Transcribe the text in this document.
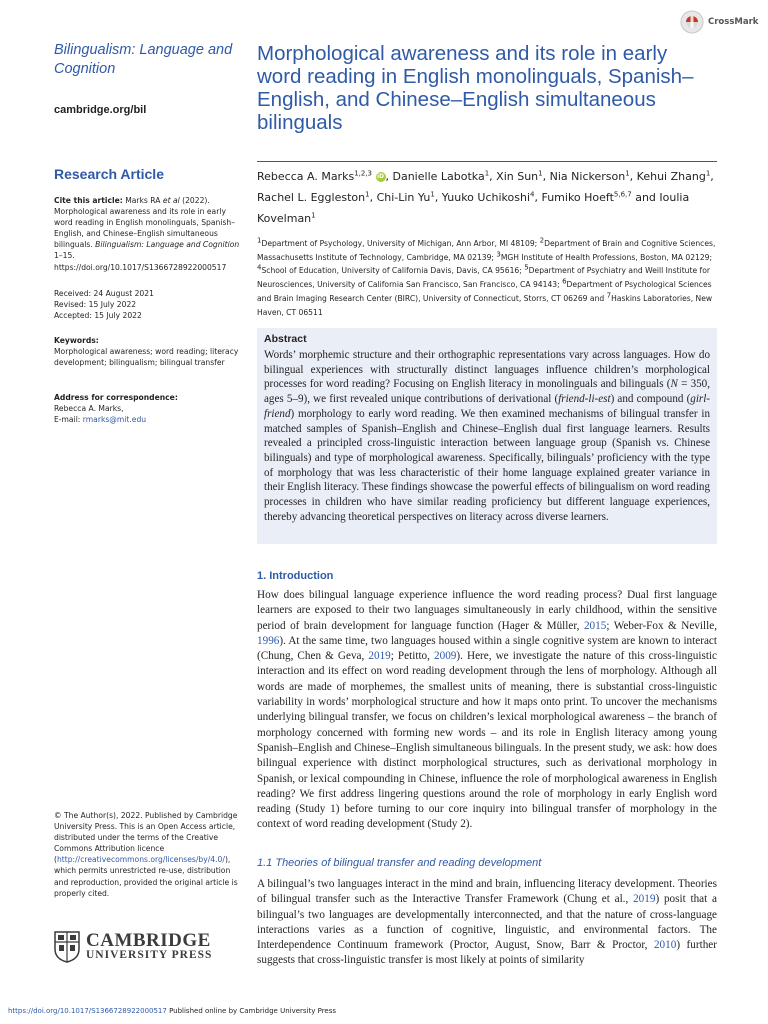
CrossMark
Bilingualism: Language and Cognition
cambridge.org/bil
Research Article
Cite this article: Marks RA et al (2022). Morphological awareness and its role in early word reading in English monolinguals, Spanish–English, and Chinese–English simultaneous bilinguals. Bilingualism: Language and Cognition 1–15. https://doi.org/10.1017/S1366728922000517
Received: 24 August 2021
Revised: 15 July 2022
Accepted: 15 July 2022
Keywords:
Morphological awareness; word reading; literacy development; bilingualism; bilingual transfer
Address for correspondence:
Rebecca A. Marks,
E-mail: rmarks@mit.edu
© The Author(s), 2022. Published by Cambridge University Press. This is an Open Access article, distributed under the terms of the Creative Commons Attribution licence (http://creativecommons.org/licenses/by/4.0/), which permits unrestricted re-use, distribution and reproduction, provided the original article is properly cited.
CAMBRIDGE
UNIVERSITY PRESS
Morphological awareness and its role in early word reading in English monolinguals, Spanish–English, and Chinese–English simultaneous bilinguals
Rebecca A. Marks$^{1,2,3}$ iD, Danielle Labotka$^1$, Xin Sun$^1$, Nia Nickerson$^1$, Kehui Zhang$^1$, Rachel L. Eggleston$^1$, Chi-Lin Yu$^1$, Yuuko Uchikoshi$^4$, Fumiko Hoeft$^{5,6,7}$ and Ioulia Kovelman$^1$
$^1$Department of Psychology, University of Michigan, Ann Arbor, MI 48109; $^2$Department of Brain and Cognitive Sciences, Massachusetts Institute of Technology, Cambridge, MA 02139; $^3$MGH Institute of Health Professions, Boston, MA 02129; $^4$School of Education, University of California Davis, Davis, CA 95616; $^5$Department of Psychiatry and Weill Institute for Neurosciences, University of California San Francisco, San Francisco, CA 94143; $^6$Department of Psychological Sciences and Brain Imaging Research Center (BIRC), University of Connecticut, Storrs, CT 06269 and $^7$Haskins Laboratories, New Haven, CT 06511
Abstract
Words’ morphemic structure and their orthographic representations vary across languages. How do bilingual experiences with structurally distinct languages influence children’s morphological processes for word reading? Focusing on English literacy in monolinguals and bilinguals (N = 350, ages 5–9), we first revealed unique contributions of derivational (friend-li-est) and compound (girl-friend) morphology to early word reading. We then examined mechanisms of bilingual transfer in matched samples of Spanish–English and Chinese–English dual first language learners. Results revealed a principled cross-linguistic interaction between language group (Spanish vs. Chinese bilinguals) and type of morphological awareness. Specifically, bilinguals’ proficiency with the type of morphology that was less characteristic of their home language explained greater variance in their English literacy. These findings showcase the powerful effects of bilingualism on word reading processes in children who have similar reading proficiency but different language experiences, thereby advancing theoretical perspectives on literacy across diverse learners.
1. Introduction
How does bilingual language experience influence the word reading process? Dual first language learners are exposed to their two languages simultaneously in early childhood, within the sensitive period of brain development for language function (Hager & Müller, 2015; Weber-Fox & Neville, 1996). At the same time, two languages housed within a single cognitive system are known to interact (Chung, Chen & Geva, 2019; Petitto, 2009). Here, we investigate the nature of this cross-linguistic interaction and its effect on word reading development through the lens of morphology. Although all words are made of morphemes, the smallest units of meaning, there is substantial cross-linguistic variability in words’ morphological structure and how it maps onto print. To uncover the mechanisms underlying bilingual transfer, we focus on children’s lexical morphological awareness – the branch of morphology concerned with forming new words – and its role in English literacy among young Spanish–English and Chinese–English simultaneous bilinguals. In the present study, we ask: how does bilingual experience with distinct morphological structures, such as derivational morphology in Spanish, or lexical compounding in Chinese, influence the role of morphological awareness in English reading? We first address lingering questions around the role of morphology in early English word reading (Study 1) before turning to our core inquiry into bilingual transfer of morphology in the context of word reading development (Study 2).
1.1 Theories of bilingual transfer and reading development
A bilingual’s two languages interact in the mind and brain, influencing literacy development. Theories of bilingual transfer such as the Interactive Transfer Framework (Chung et al., 2019) posit that a bilingual’s two languages are developmentally interconnected, and that the nature of cross-language interactions varies as a function of cognitive, linguistic, and environmental factors. The Interdependence Continuum framework (Proctor, August, Snow, Barr & Proctor, 2010) further suggests that cross-linguistic transfer is most likely at points of similarity
https://doi.org/10.1017/S1366728922000517 Published online by Cambridge University Press
